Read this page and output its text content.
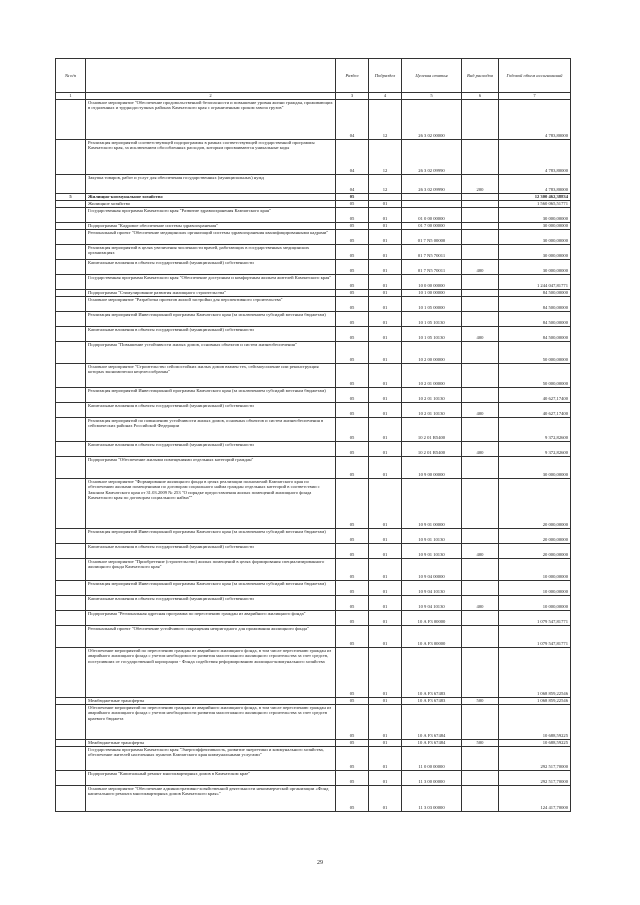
№ п/п		Раздел	Подраздел	Целевая статья	Вид расходов	Годовой объем ассигнований
1	2	3	4	5	6	7
	Основное мероприятие "Обеспечение продовольственной безопасности и повышение уровня жизни граждан, проживающих в отдаленных и труднодоступных районах Камчатского края с ограниченным сроком завоза грузов"	04	12	26 3 02 00000		4 783,80000
	Реализация мероприятий соответствующей подпрограммы в рамках соответствующей государственной программы Камчатского края, за исключением обособленных расходов, которым присваиваются уникальные коды	04	12	26 3 02 09990		4 783,80000
	Закупка товаров, работ и услуг для обеспечения государственных (муниципальных) нужд	04	12	26 3 02 09990	200	4 783,80000
5	Жилищно-коммунальное хозяйство	05				12 300 462,38834
	Жилищное хозяйство	05	01			1 560 065,51771
	Государственная программа Камчатского края "Развитие здравоохранения Камчатского края"	05	01	01 0 00 00000		30 000,00000
	Подпрограмма "Кадровое обеспечение системы здравоохранения"	05	01	01 7 00 00000		30 000,00000
	Региональный проект "Обеспечение медицинских организаций системы здравоохранения квалифицированными кадрами"	05	01	01 7 N5 00000		30 000,00000
	Реализация мероприятий в целях увеличения численности врачей, работающих в государственных медицинских организациях	05	01	01 7 N5 70011		30 000,00000
	Капитальные вложения в объекты государственной (муниципальной) собственности	05	01	01 7 N5 70011	400	30 000,00000
	Государственная программа Камчатского края "Обеспечение доступным и комфортным жильем жителей Камчатского края"	05	01	10 0 00 00000		1 244 047,81771
	Подпрограмма "Стимулирование развития жилищного строительства"	05	01	10 1 00 00000		84 500,00000
	Основное мероприятие "Разработка проектов жилой застройки для перспективного строительства"	05	01	10 1 05 00000		84 500,00000
	Реализация мероприятий Инвестиционной программы Камчатского края (за исключением субсидий местным бюджетам)	05	01	10 1 05 10130		84 500,00000
	Капитальные вложения в объекты государственной (муниципальной) собственности	05	01	10 1 05 10130	400	84 500,00000
	Подпрограмма "Повышение устойчивости жилых домов, основных объектов и систем жизнеобеспечения"	05	01	10 2 00 00000		50 000,00000
	Основное мероприятие "Строительство сейсмостойких жилых домов взамен тех, сейсмоусиление или реконструкция которых экономически нецелесообразны"	05	01	10 2 01 00000		50 000,00000
	Реализация мероприятий Инвестиционной программы Камчатского края (за исключением субсидий местным бюджетам)	05	01	10 2 01 10130		40 627,17400
	Капитальные вложения в объекты государственной (муниципальной) собственности	05	01	10 2 01 10130	400	40 627,17400
	Реализация мероприятий по повышению устойчивости жилых домов, основных объектов и систем жизнеобеспечения в сейсмических районах Российской Федерации	05	01	10 2 01 R5400		9 372,82600
	Капитальные вложения в объекты государственной (муниципальной) собственности	05	01	10 2 01 R5400	400	9 372,82600
	Подпрограмма "Обеспечение жилыми помещениями отдельных категорий граждан"	05	01	10 9 00 00000		30 000,00000
	Основное мероприятие "Формирование жилищного фонда в целях реализации полномочий Камчатского края по обеспечению жилыми помещениями по договорам социального найма граждан отдельных категорий в соответствии с Законом Камчатского края от 31.03.2009 № 253 "О порядке предоставления жилых помещений жилищного фонда Камчатского края по договорам социального найма""	05	01	10 9 01 00000		20 000,00000
	Реализация мероприятий Инвестиционной программы Камчатского края (за исключением субсидий местным бюджетам)	05	01	10 9 01 10130		20 000,00000
	Капитальные вложения в объекты государственной (муниципальной) собственности	05	01	10 9 01 10130	400	20 000,00000
	Основное мероприятие "Приобретение (строительство) жилых помещений в целях формирования специализированного жилищного фонда Камчатского края"	05	01	10 9 04 00000		10 000,00000
	Реализация мероприятий Инвестиционной программы Камчатского края (за исключением субсидий местным бюджетам)	05	01	10 9 04 10130		10 000,00000
	Капитальные вложения в объекты государственной (муниципальной) собственности	05	01	10 9 04 10130	400	10 000,00000
	Подпрограмма "Региональная адресная программа по переселению граждан из аварийного жилищного фонда"	05	01	10 А F3 00000		1 079 547,81771
	Региональный проект "Обеспечение устойчивого сокращения непригодного для проживания жилищного фонда"	05	01	10 А F3 00000		1 079 547,81771
	Обеспечение мероприятий по переселению граждан из аварийного жилищного фонда, в том числе переселению граждан из аварийного жилищного фонда с учетом необходимости развития малоэтажного жилищного строительства за счет средств, поступивших от государственной корпорации - Фонда содействия реформированию жилищно-коммунального хозяйства	05	01	10 А F3 67483		1 068 859,22546
	Межбюджетные трансферты	05	01	10 А F3 67483	500	1 068 859,22546
	Обеспечение мероприятий по переселению граждан из аварийного жилищного фонда, в том числе переселению граждан из аварийного жилищного фонда с учетом необходимости развития малоэтажного жилищного строительства за счет средств краевого бюджета	05	01	10 А F3 67484		10 688,59225
	Межбюджетные трансферты	05	01	10 А F3 67484	500	10 688,59225
	Государственная программа Камчатского края "Энергоэффективность, развитие энергетики и коммунального хозяйства, обеспечение жителей населенных пунктов Камчатского края коммунальными услугами"	05	01	11 0 00 00000		292 517,70000
	Подпрограмма "Капитальный ремонт многоквартирных домов в Камчатском крае"	05	01	11 3 00 00000		292 517,70000
	Основное мероприятие "Обеспечение административно-хозяйственной деятельности некоммерческой организации «Фонд капитального ремонта многоквартирных домов Камчатского края»"	05	01	11 3 03 00000		124 417,70000
29
